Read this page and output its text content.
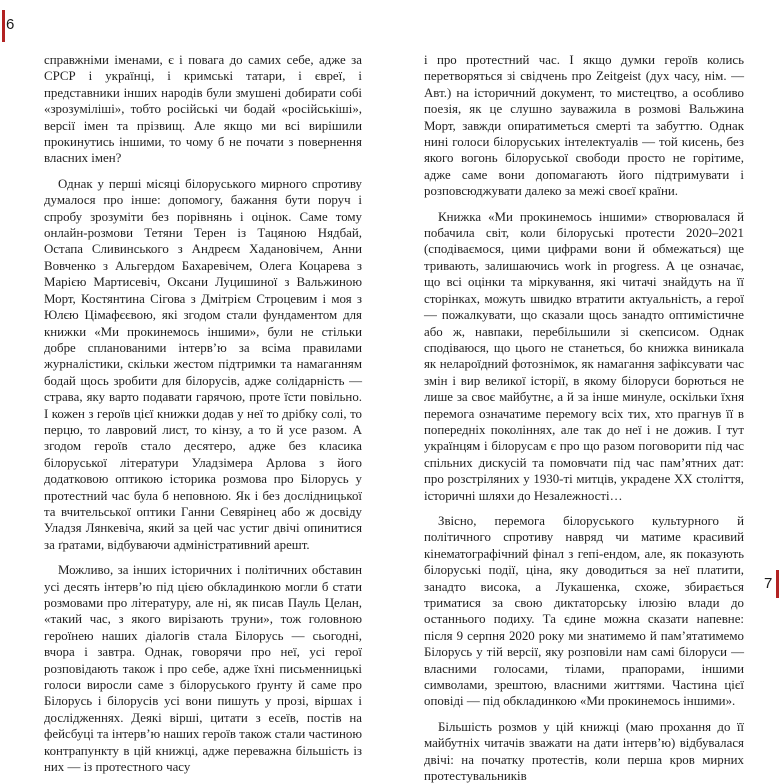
6

справжніми іменами, є і повага до самих себе, адже за СРСР і українці, і кримські татари, і євреї, і представники інших народів були змушені добирати собі «зрозуміліші», тобто російські чи бодай «російськіші», версії імен та прізвищ. Але якщо ми всі вирішили прокинутись іншими, то чому б не почати з повернення власних імен?

Однак у перші місяці білоруського мирного спротиву думалося про інше: допомогу, бажання бути поруч і спробу зрозуміти без порівнянь і оцінок. Саме тому онлайн-розмови Тетяни Терен із Тацяною Нядбай, Остапа Сливинського з Андреєм Хадановічем, Анни Вовченко з Альгердом Бахаревічем, Олега Коцарева з Марією Мартисевіч, Оксани Луцишиної з Вальжиною Морт, Костянтина Сігова з Дмітрієм Строцевим і моя з Юлєю Цімафєєвою, які згодом стали фундаментом для книжки «Ми прокинемось іншими», були не стільки добре спланованими інтерв’ю за всіма правилами журналістики, скільки жестом підтримки та намаганням бодай щось зробити для білорусів, адже солідарність — страва, яку варто подавати гарячою, проте їсти повільно. І кожен з героїв цієї книжки додав у неї то дрібку солі, то перцю, то лавровий лист, то кінзу, а то й усе разом. А згодом героїв стало десятеро, адже без класика білоруської літератури Уладзімера Арлова з його додатковою оптикою історика розмова про Білорусь у протестний час була б неповною. Як і без дослідницької та вчительської оптики Ганни Севярінец або ж досвіду Уладзя Лянкевіча, який за цей час устиг двічі опинитися за ґратами, відбуваючи адміністративний арешт.

Можливо, за інших історичних і політичних обставин усі десять інтерв’ю під цією обкладинкою могли б стати розмовами про літературу, але ні, як писав Пауль Целан, «такий час, з якого вирізають труни», тож головною героїнею наших діалогів стала Білорусь — сьогодні, вчора і завтра. Однак, говорячи про неї, усі герої розповідають також і про себе, адже їхні письменницькі голоси виросли саме з білоруського ґрунту й саме про Білорусь і білорусів усі вони пишуть у прозі, віршах і дослідженнях. Деякі вірші, цитати з есеїв, постів на фейсбуці та інтерв’ю наших героїв також стали частиною контрапункту в цій книжці, адже переважна більшість із них — із протестного часу

і про протестний час. І якщо думки героїв колись перетворяться зі свідчень про Zeitgeist (дух часу, нім. — Авт.) на історичний документ, то мистецтво, а особливо поезія, як це слушно зауважила в розмові Вальжина Морт, завжди опиратиметься смерті та забуттю. Однак нині голоси білоруських інтелектуалів — той кисень, без якого вогонь білоруської свободи просто не горітиме, адже саме вони допомагають його підтримувати і розповсюджувати далеко за межі своєї країни.

Книжка «Ми прокинемось іншими» створювалася й побачила світ, коли білоруські протести 2020–2021 (сподіваємося, цими цифрами вони й обмежаться) ще тривають, залишаючись work in progress. А це означає, що всі оцінки та міркування, які читачі знайдуть на її сторінках, можуть швидко втратити актуальність, а герої — пожалкувати, що сказали щось занадто оптимістичне або ж, навпаки, перебільшили зі скепсисом. Однак сподіваюся, що цього не станеться, бо книжка виникала як нелароїдний фотознімок, як намагання зафіксувати час змін і вир великої історії, в якому білоруси борються не лише за своє майбутнє, а й за інше минуле, оскільки їхня перемога означатиме перемогу всіх тих, хто прагнув її в попередніх поколіннях, але так до неї і не дожив. І тут українцям і білорусам є про що разом поговорити під час спільних дискусій та помовчати під час пам’ятних дат: про розстріляних у 1930-ті митців, украдене XX століття, історичні шляхи до Незалежності…

Звісно, перемога білоруського культурного й політичного спротиву навряд чи матиме красивий кінематографічний фінал з гепі-ендом, але, як показують білоруські події, ціна, яку доводиться за неї платити, занадто висока, а Лукашенка, схоже, збирається триматися за свою диктаторську ілюзію влади до останнього подиху. Та єдине можна сказати напевне: після 9 серпня 2020 року ми знатимемо й пам’ятатимемо Білорусь у тій версії, яку розповіли нам самі білоруси — власними голосами, тілами, прапорами, іншими символами, зрештою, власними життями. Частина цієї оповіді — під обкладинкою «Ми прокинемось іншими».

Більшість розмов у цій книжці (маю прохання до її майбутніх читачів зважати на дати інтерв’ю) відбувалася двічі: на початку протестів, коли перша кров мирних протестувальників

7
